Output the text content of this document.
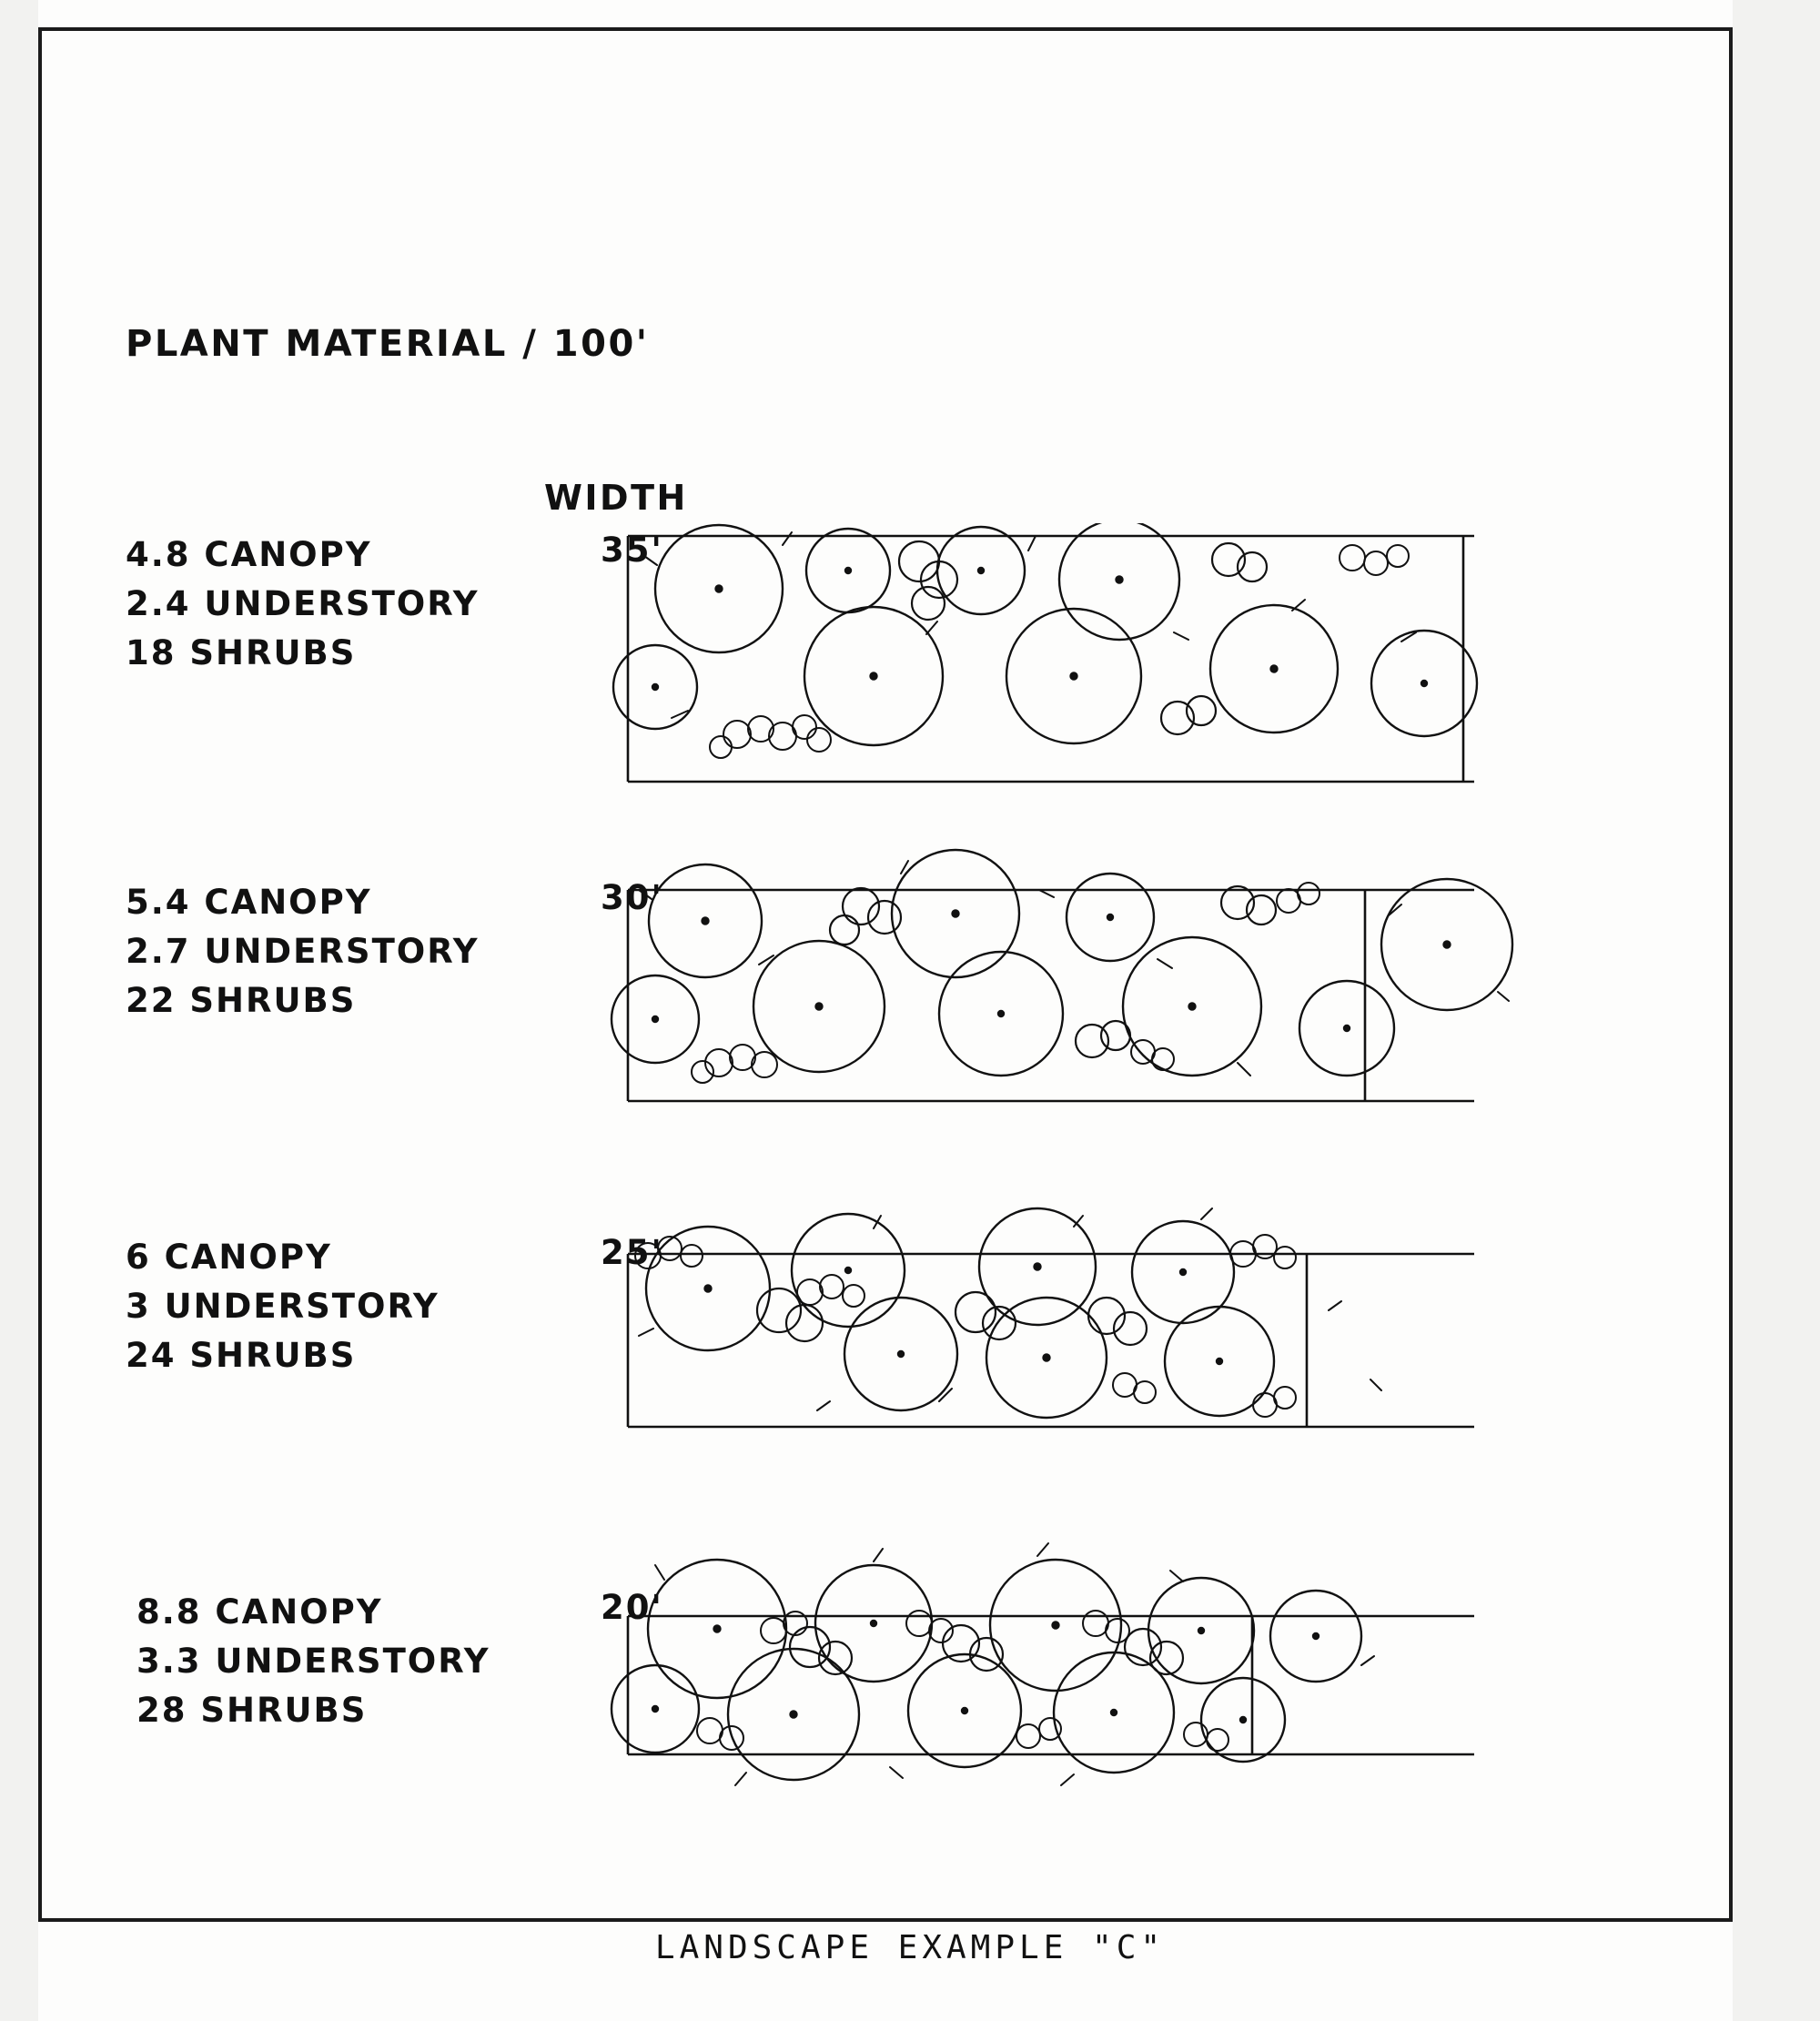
PLANT MATERIAL / 100'
WIDTH
4.8 CANOPY
2.4 UNDERSTORY
18 SHRUBS
35'
5.4 CANOPY
2.7 UNDERSTORY
22 SHRUBS
30'
6 CANOPY
3 UNDERSTORY
24 SHRUBS
25'
8.8 CANOPY
3.3 UNDERSTORY
28 SHRUBS
20'
LANDSCAPE EXAMPLE "C"
